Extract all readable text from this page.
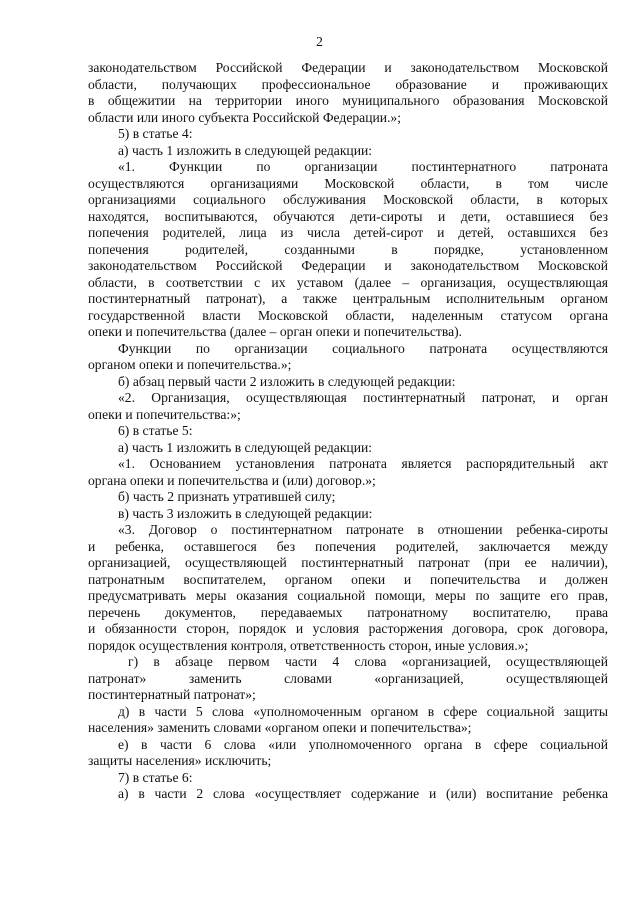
2
законодательством Российской Федерации и законодательством Московской
области, получающих профессиональное образование и проживающих
в общежитии на территории иного муниципального образования Московской
области или иного субъекта Российской Федерации.»;
5) в статье 4:
а) часть 1 изложить в следующей редакции:
«1. Функции по организации постинтернатного патроната
осуществляются организациями Московской области, в том числе
организациями социального обслуживания Московской области, в которых
находятся, воспитываются, обучаются дети-сироты и дети, оставшиеся без
попечения родителей, лица из числа детей-сирот и детей, оставшихся без
попечения родителей, созданными в порядке, установленном
законодательством Российской Федерации и законодательством Московской
области, в соответствии с их уставом (далее – организация, осуществляющая
постинтернатный патронат), а также центральным исполнительным органом
государственной власти Московской области, наделенным статусом органа
опеки и попечительства (далее – орган опеки и попечительства).
Функции по организации социального патроната осуществляются
органом опеки и попечительства.»;
б) абзац первый части 2 изложить в следующей редакции:
«2. Организация, осуществляющая постинтернатный патронат, и орган
опеки и попечительства:»;
6) в статье 5:
а) часть 1 изложить в следующей редакции:
«1. Основанием установления патроната является распорядительный акт
органа опеки и попечительства и (или) договор.»;
б) часть 2 признать утратившей силу;
в) часть 3 изложить в следующей редакции:
«3. Договор о постинтернатном патронате в отношении ребенка-сироты
и ребенка, оставшегося без попечения родителей, заключается между
организацией, осуществляющей постинтернатный патронат (при ее наличии),
патронатным воспитателем, органом опеки и попечительства и должен
предусматривать меры оказания социальной помощи, меры по защите его прав,
перечень документов, передаваемых патронатному воспитателю, права
и обязанности сторон, порядок и условия расторжения договора, срок договора,
порядок осуществления контроля, ответственность сторон, иные условия.»;
г) в абзаце первом части 4 слова «организацией, осуществляющей
патронат» заменить словами «организацией, осуществляющей
постинтернатный патронат»;
д) в части 5 слова «уполномоченным органом в сфере социальной защиты
населения» заменить словами «органом опеки и попечительства»;
е) в части 6 слова «или уполномоченного органа в сфере социальной
защиты населения» исключить;
7) в статье 6:
а) в части 2 слова «осуществляет содержание и (или) воспитание ребенка
